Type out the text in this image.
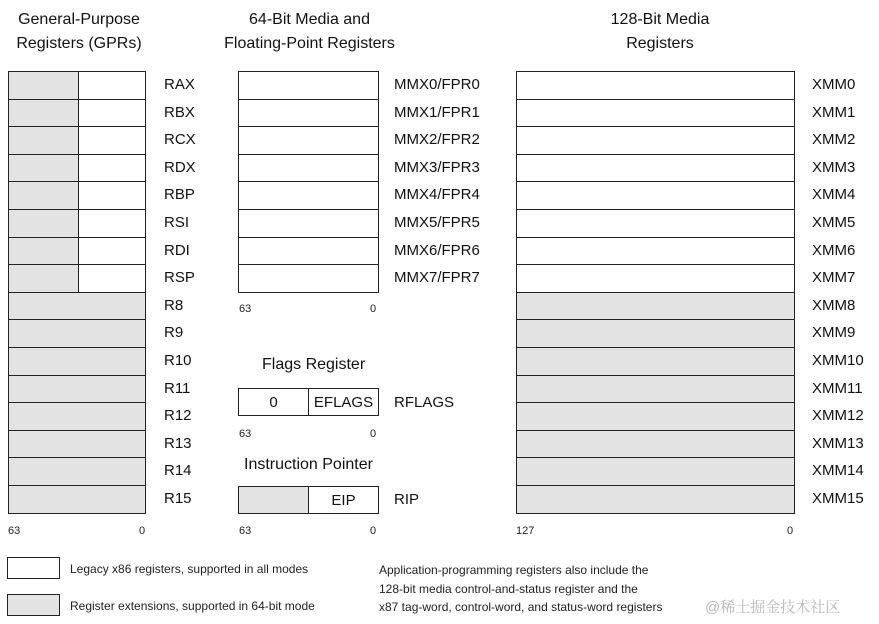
General-Purpose
Registers (GPRs)
64-Bit Media and
Floating-Point Registers
128-Bit Media
Registers
RAX
RBX
RCX
RDX
RBP
RSI
RDI
RSP
R8
R9
R10
R11
R12
R13
R14
R15
MMX0/FPR0
MMX1/FPR1
MMX2/FPR2
MMX3/FPR3
MMX4/FPR4
MMX5/FPR5
MMX6/FPR6
MMX7/FPR7
XMM0
XMM1
XMM2
XMM3
XMM4
XMM5
XMM6
XMM7
XMM8
XMM9
XMM10
XMM11
XMM12
XMM13
XMM14
XMM15
63	0
63	0
127	0
Flags Register
0	EFLAGS	RFLAGS
63	0
Instruction Pointer
EIP	RIP
63	0
Legacy x86 registers, supported in all modes
Register extensions, supported in 64-bit mode
Application-programming registers also include the
128-bit media control-and-status register and the
x87 tag-word, control-word, and status-word registers	@稀土掘金技术社区
